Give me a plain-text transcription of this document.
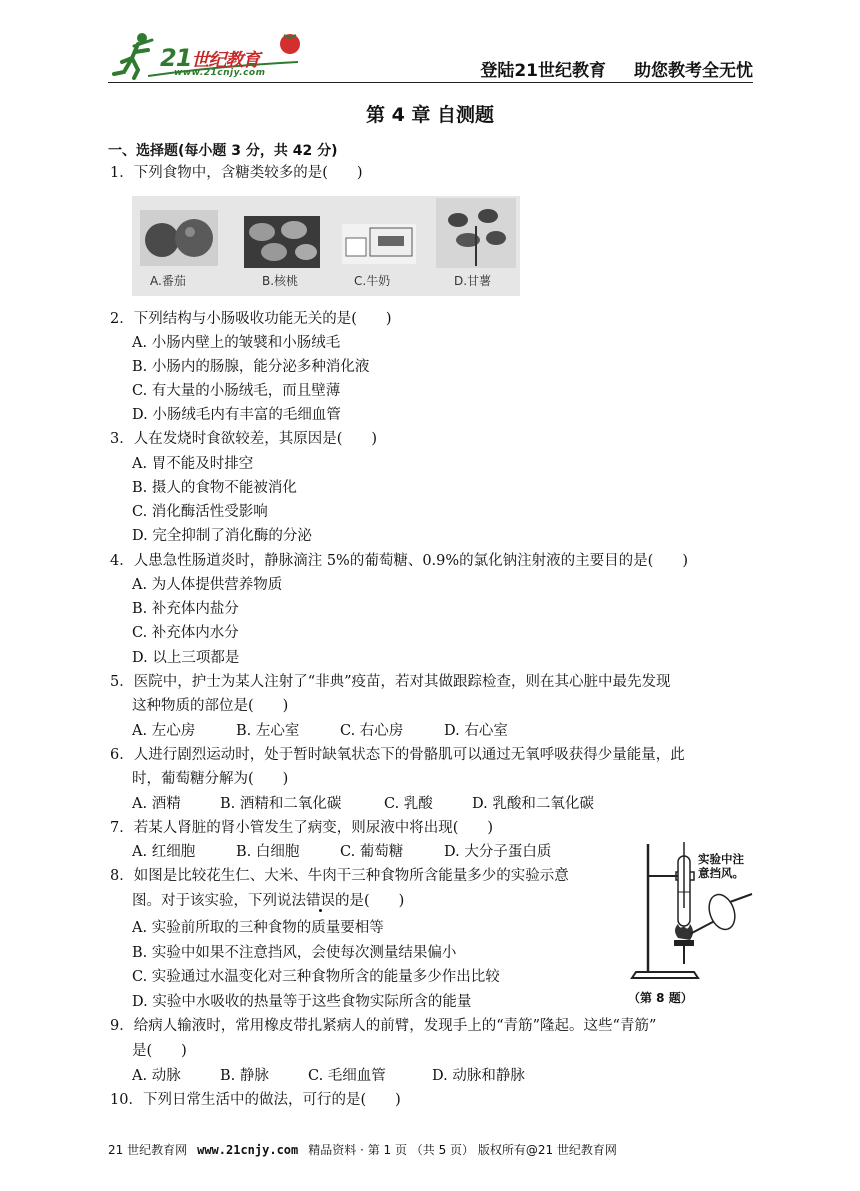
21世纪教育
www.21cnjy.com	登陆21世纪教育 助您教考全无忧
第 4 章 自测题
一、选择题(每小题 3 分，共 42 分)
1．下列食物中，含糖类较多的是(　　)
A.番茄	B.核桃	C.牛奶	D.甘薯
2．下列结构与小肠吸收功能无关的是(　　)
A. 小肠内壁上的皱襞和小肠绒毛
B. 小肠内的肠腺，能分泌多种消化液
C. 有大量的小肠绒毛，而且壁薄
D. 小肠绒毛内有丰富的毛细血管
3．人在发烧时食欲较差，其原因是(　　)
A. 胃不能及时排空
B. 摄人的食物不能被消化
C. 消化酶活性受影响
D. 完全抑制了消化酶的分泌
4．人患急性肠道炎时，静脉滴注 5%的葡萄糖、0.9%的氯化钠注射液的主要目的是(　　)
A. 为人体提供营养物质
B. 补充体内盐分
C. 补充体内水分
D. 以上三项都是
5．医院中，护士为某人注射了“非典”疫苗，若对其做跟踪检查，则在其心脏中最先发现
这种物质的部位是(　　)
A. 左心房	B. 左心室	C. 右心房	D. 右心室
6．人进行剧烈运动时，处于暂时缺氧状态下的骨骼肌可以通过无氧呼吸获得少量能量，此
时，葡萄糖分解为(　　)
A. 酒精	B. 酒精和二氧化碳	C. 乳酸	D. 乳酸和二氧化碳
7．若某人肾脏的肾小管发生了病变，则尿液中将出现(　　)
A. 红细胞	B. 白细胞	C. 葡萄糖	D. 大分子蛋白质
8．如图是比较花生仁、大米、牛肉干三种食物所含能量多少的实验示意
图。对于该实验，下列说法错误的是(　　)
A. 实验前所取的三种食物的质量要相等
B. 实验中如果不注意挡风，会使每次测量结果偏小
C. 实验通过水温变化对三种食物所含的能量多少作出比较
D. 实验中水吸收的热量等于这些食物实际所含的能量
实验中注
意挡风。
（第 8 题）
9．给病人输液时，常用橡皮带扎紧病人的前臂，发现手上的“青筋”隆起。这些“青筋”
是(　　)
A. 动脉	B. 静脉	C. 毛细血管	D. 动脉和静脉
10．下列日常生活中的做法，可行的是(　　)
21 世纪教育网 www.21cnjy.com 精品资料 · 第 1 页 （共 5 页） 版权所有@21 世纪教育网
